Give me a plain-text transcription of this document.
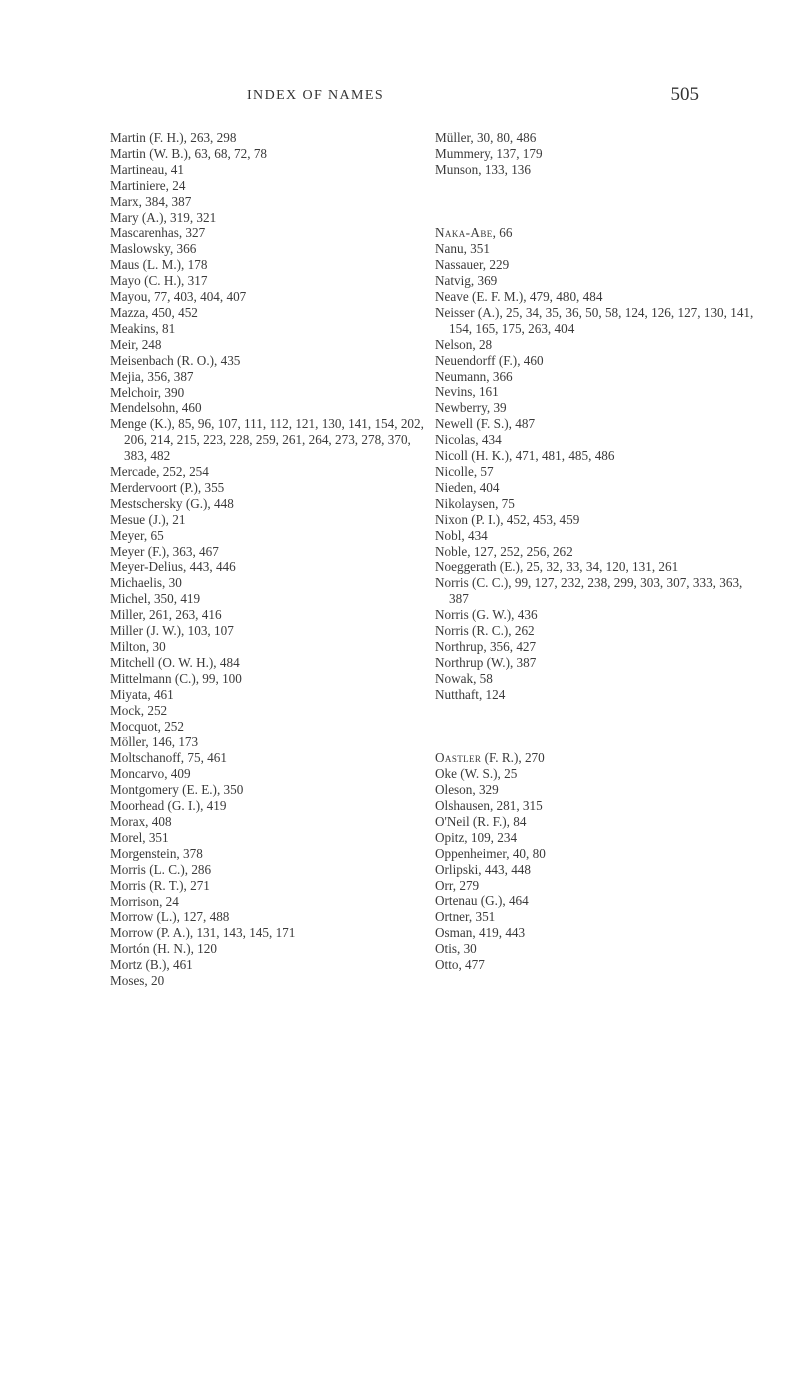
INDEX OF NAMES	505
Martin (F. H.), 263, 298
Martin (W. B.), 63, 68, 72, 78
Martineau, 41
Martiniere, 24
Marx, 384, 387
Mary (A.), 319, 321
Mascarenhas, 327
Maslowsky, 366
Maus (L. M.), 178
Mayo (C. H.), 317
Mayou, 77, 403, 404, 407
Mazza, 450, 452
Meakins, 81
Meir, 248
Meisenbach (R. O.), 435
Mejia, 356, 387
Melchoir, 390
Mendelsohn, 460
Menge (K.), 85, 96, 107, 111, 112, 121, 130, 141, 154, 202, 206, 214, 215, 223, 228, 259, 261, 264, 273, 278, 370, 383, 482
Mercade, 252, 254
Merdervoort (P.), 355
Mestschersky (G.), 448
Mesue (J.), 21
Meyer, 65
Meyer (F.), 363, 467
Meyer-Delius, 443, 446
Michaelis, 30
Michel, 350, 419
Miller, 261, 263, 416
Miller (J. W.), 103, 107
Milton, 30
Mitchell (O. W. H.), 484
Mittelmann (C.), 99, 100
Miyata, 461
Mock, 252
Mocquot, 252
Möller, 146, 173
Moltschanoff, 75, 461
Moncarvo, 409
Montgomery (E. E.), 350
Moorhead (G. I.), 419
Morax, 408
Morel, 351
Morgenstein, 378
Morris (L. C.), 286
Morris (R. T.), 271
Morrison, 24
Morrow (L.), 127, 488
Morrow (P. A.), 131, 143, 145, 171
Mortón (H. N.), 120
Mortz (B.), 461
Moses, 20
Müller, 30, 80, 486
Mummery, 137, 179
Munson, 133, 136
Naka-Abe, 66
Nanu, 351
Nassauer, 229
Natvig, 369
Neave (E. F. M.), 479, 480, 484
Neisser (A.), 25, 34, 35, 36, 50, 58, 124, 126, 127, 130, 141, 154, 165, 175, 263, 404
Nelson, 28
Neuendorff (F.), 460
Neumann, 366
Nevins, 161
Newberry, 39
Newell (F. S.), 487
Nicolas, 434
Nicoll (H. K.), 471, 481, 485, 486
Nicolle, 57
Nieden, 404
Nikolaysen, 75
Nixon (P. I.), 452, 453, 459
Nobl, 434
Noble, 127, 252, 256, 262
Noeggerath (E.), 25, 32, 33, 34, 120, 131, 261
Norris (C. C.), 99, 127, 232, 238, 299, 303, 307, 333, 363, 387
Norris (G. W.), 436
Norris (R. C.), 262
Northrup, 356, 427
Northrup (W.), 387
Nowak, 58
Nutthaft, 124
Oastler (F. R.), 270
Oke (W. S.), 25
Oleson, 329
Olshausen, 281, 315
O'Neil (R. F.), 84
Opitz, 109, 234
Oppenheimer, 40, 80
Orlipski, 443, 448
Orr, 279
Ortenau (G.), 464
Ortner, 351
Osman, 419, 443
Otis, 30
Otto, 477
